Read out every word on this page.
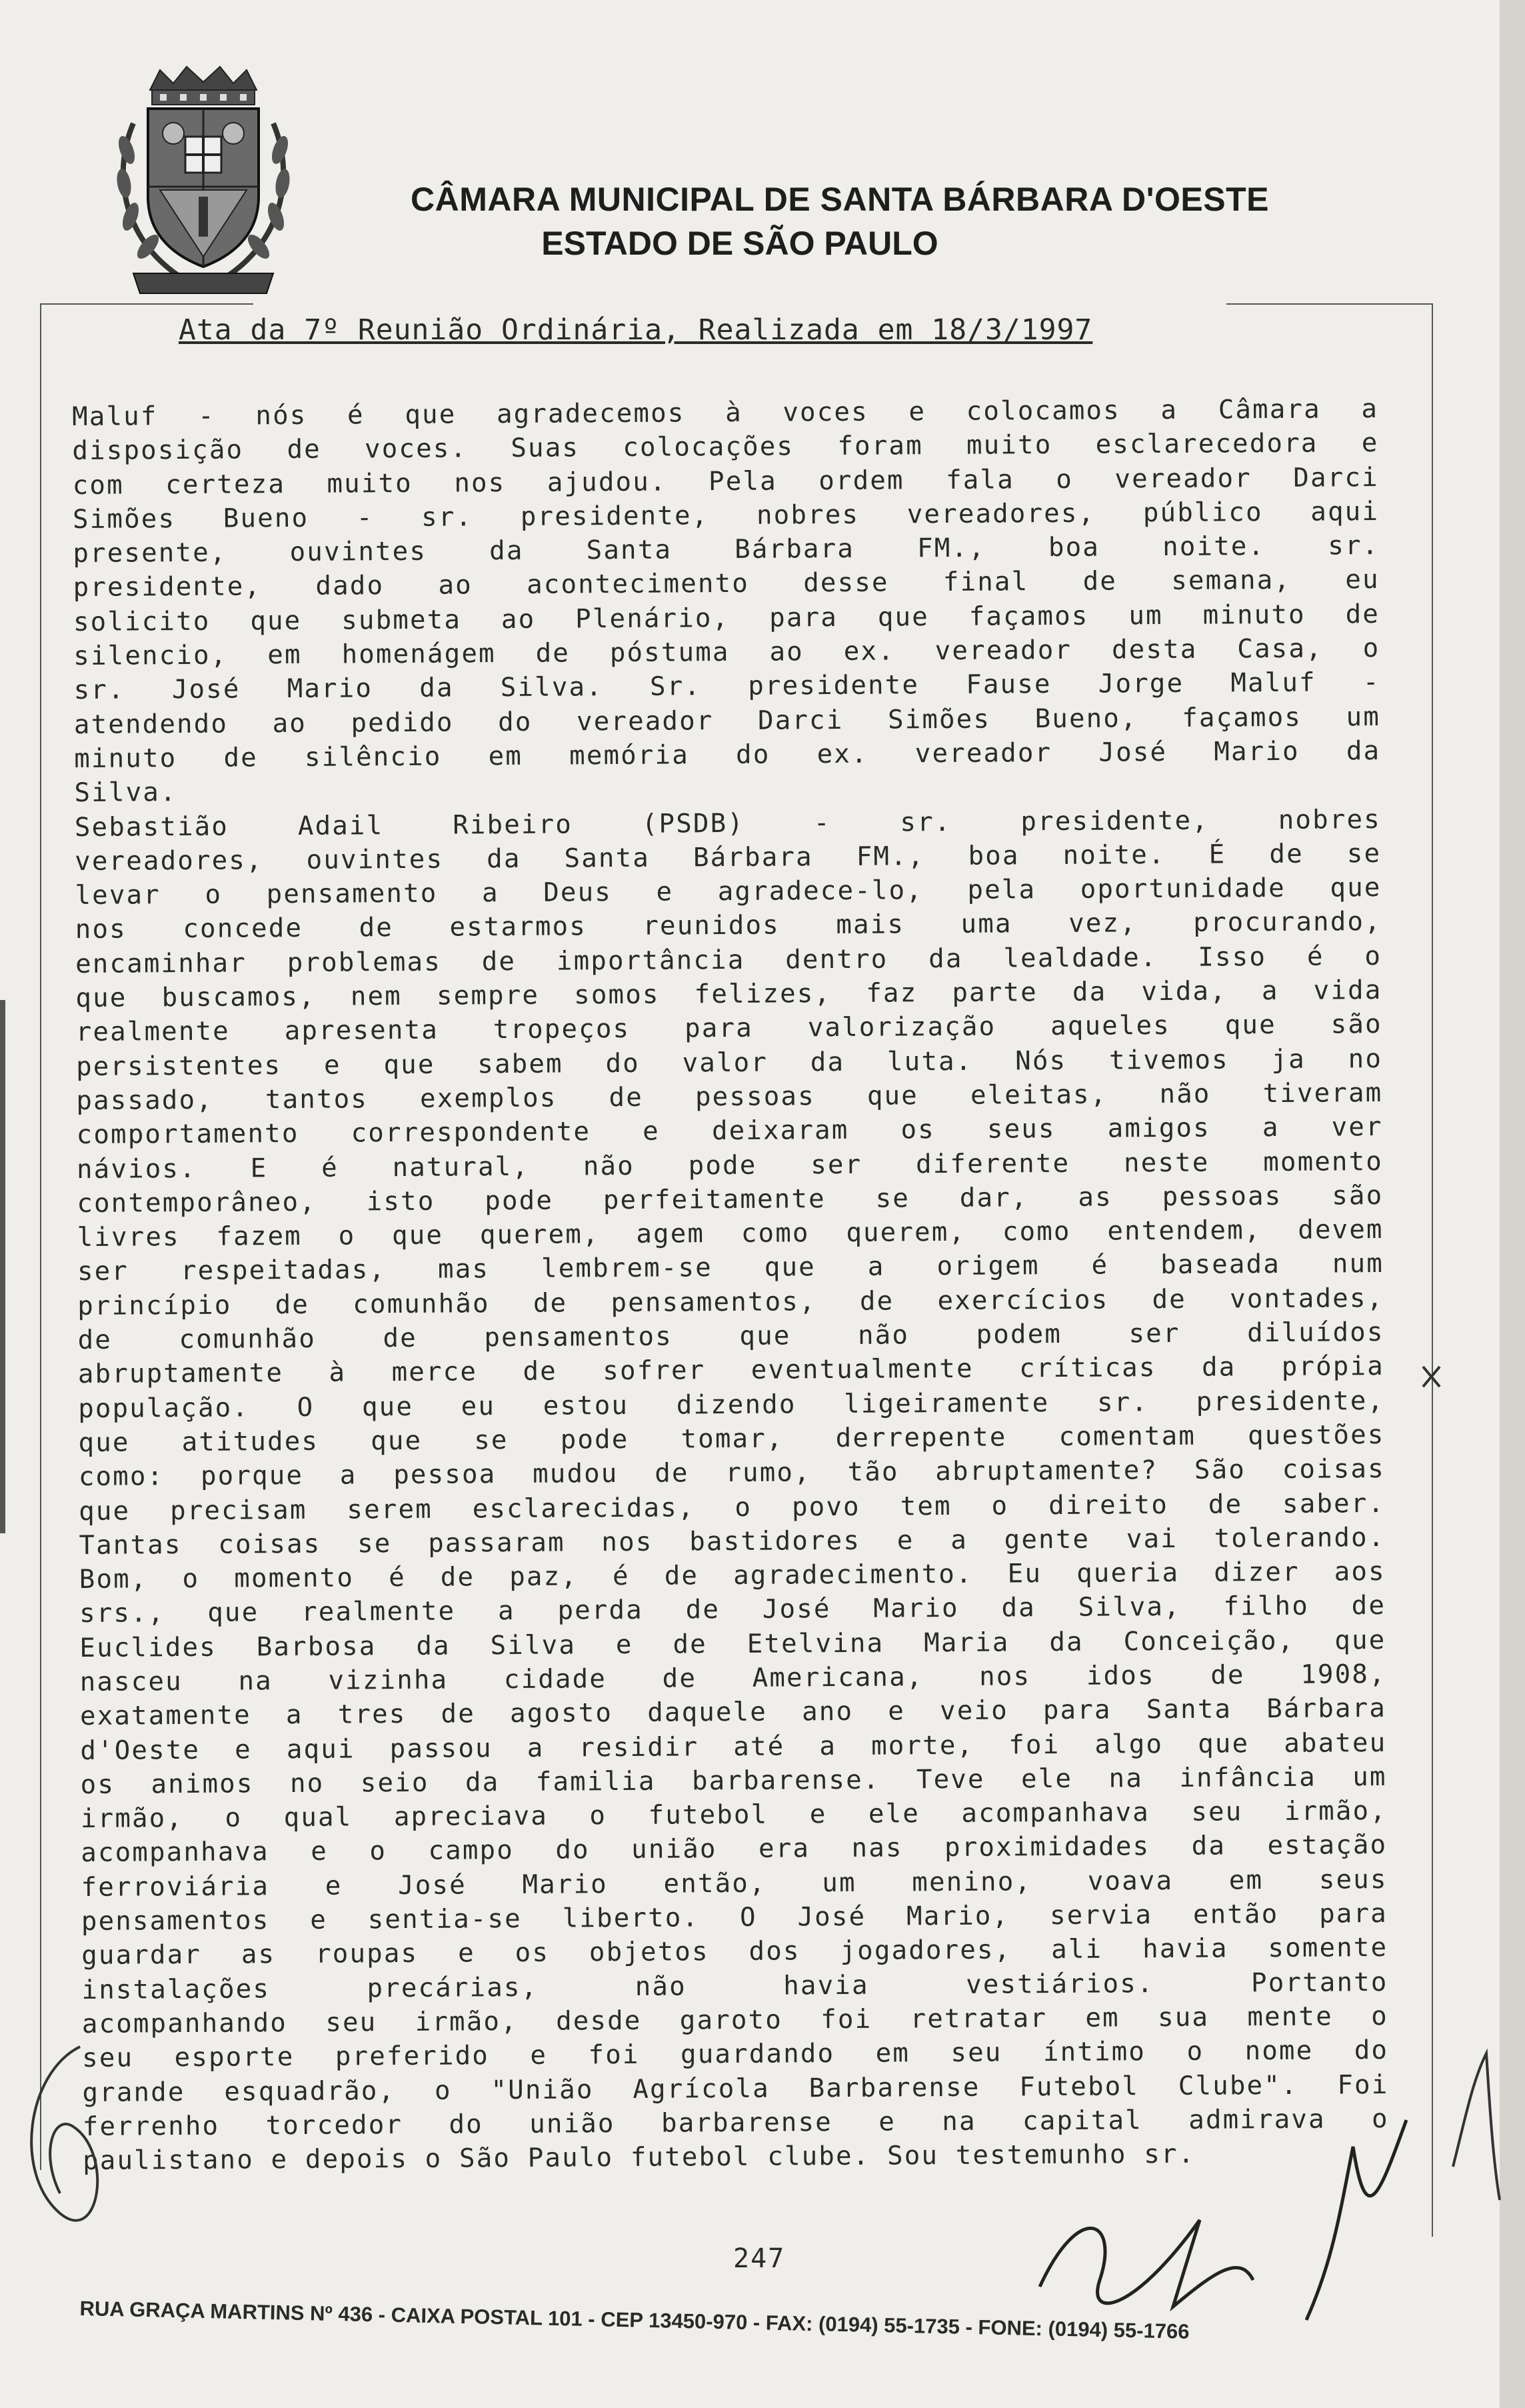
CÂMARA MUNICIPAL DE SANTA BÁRBARA D'OESTE
ESTADO DE SÃO PAULO
Ata da 7º Reunião Ordinária, Realizada em 18/3/1997
Maluf - nós é que agradecemos à voces e colocamos a Câmara a
disposição de voces. Suas colocações foram muito esclarecedora e
com certeza muito nos ajudou. Pela ordem fala o vereador Darci
Simões Bueno - sr. presidente, nobres vereadores, público aqui
presente, ouvintes da Santa Bárbara FM., boa noite. sr.
presidente, dado ao acontecimento desse final de semana, eu
solicito que submeta ao Plenário, para que façamos um minuto de
silencio, em homenágem de póstuma ao ex. vereador desta Casa, o
sr. José Mario da Silva. Sr. presidente Fause Jorge Maluf -
atendendo ao pedido do vereador Darci Simões Bueno, façamos um
minuto de silêncio em memória do ex. vereador José Mario da
Silva.
Sebastião Adail Ribeiro (PSDB) - sr. presidente, nobres
vereadores, ouvintes da Santa Bárbara FM., boa noite. É de se
levar o pensamento a Deus e agradece-lo, pela oportunidade que
nos concede de estarmos reunidos mais uma vez, procurando,
encaminhar problemas de importância dentro da lealdade. Isso é o
que buscamos, nem sempre somos felizes, faz parte da vida, a vida
realmente apresenta tropeços para valorização aqueles que são
persistentes e que sabem do valor da luta. Nós tivemos ja no
passado, tantos exemplos de pessoas que eleitas, não tiveram
comportamento correspondente e deixaram os seus amigos a ver
návios. E é natural, não pode ser diferente neste momento
contemporâneo, isto pode perfeitamente se dar, as pessoas são
livres fazem o que querem, agem como querem, como entendem, devem
ser respeitadas, mas lembrem-se que a origem é baseada num
princípio de comunhão de pensamentos, de exercícios de vontades,
de comunhão de pensamentos que não podem ser diluídos
abruptamente à merce de sofrer eventualmente críticas da própia
população. O que eu estou dizendo ligeiramente sr. presidente,
que atitudes que se pode tomar, derrepente comentam questões
como: porque a pessoa mudou de rumo, tão abruptamente? São coisas
que precisam serem esclarecidas, o povo tem o direito de saber.
Tantas coisas se passaram nos bastidores e a gente vai tolerando.
Bom, o momento é de paz, é de agradecimento. Eu queria dizer aos
srs., que realmente a perda de José Mario da Silva, filho de
Euclides Barbosa da Silva e de Etelvina Maria da Conceição, que
nasceu na vizinha cidade de Americana, nos idos de 1908,
exatamente a tres de agosto daquele ano e veio para Santa Bárbara
d'Oeste e aqui passou a residir até a morte, foi algo que abateu
os animos no seio da familia barbarense. Teve ele na infância um
irmão, o qual apreciava o futebol e ele acompanhava seu irmão,
acompanhava e o campo do união era nas proximidades da estação
ferroviária e José Mario então, um menino, voava em seus
pensamentos e sentia-se liberto. O José Mario, servia então para
guardar as roupas e os objetos dos jogadores, ali havia somente
instalações precárias, não havia vestiários. Portanto
acompanhando seu irmão, desde garoto foi retratar em sua mente o
seu esporte preferido e foi guardando em seu íntimo o nome do
grande esquadrão, o "União Agrícola Barbarense Futebol Clube". Foi
ferrenho torcedor do união barbarense e na capital admirava o
paulistano e depois o São Paulo futebol clube. Sou testemunho sr.
247
RUA GRAÇA MARTINS Nº 436 - CAIXA POSTAL 101 - CEP 13450-970 - FAX: (0194) 55-1735 - FONE: (0194) 55-1766
